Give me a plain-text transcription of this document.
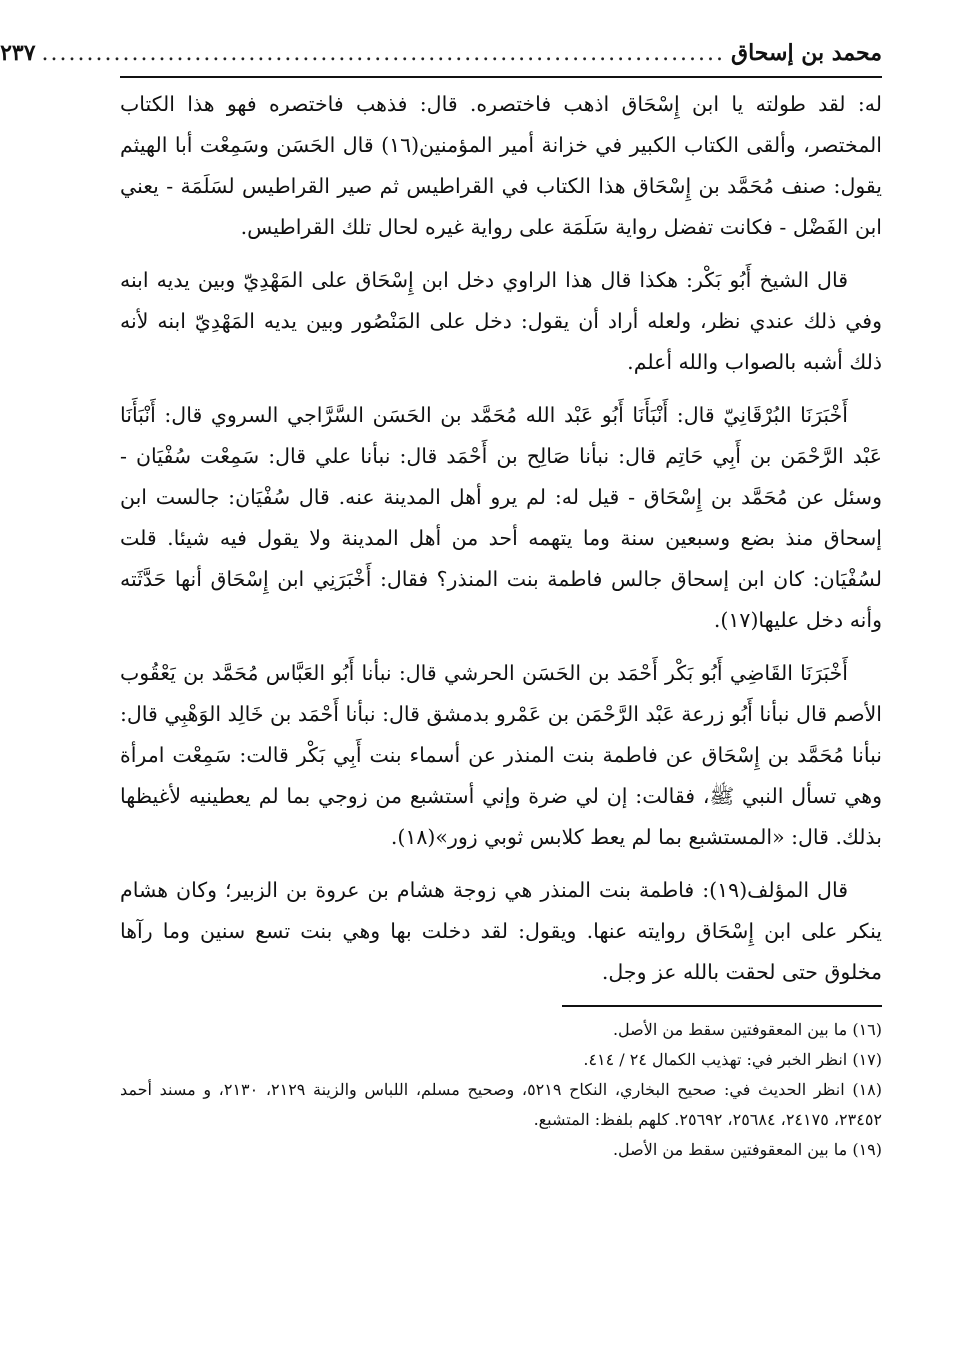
محمد بن إسحاق
............................................................................
٢٣٧

له: لقد طولته يا ابن إِسْحَاق اذهب فاختصره. قال: فذهب فاختصره فهو هذا الكتاب المختصر، وألقى الكتاب الكبير في خزانة أمير المؤمنين(١٦) قال الحَسَن وسَمِعْت أبا الهيثم يقول: صنف مُحَمَّد بن إِسْحَاق هذا الكتاب في القراطيس ثم صير القراطيس لسَلَمَة - يعني ابن الفَضْل - فكانت تفضل رواية سَلَمَة على رواية غيره لحال تلك القراطيس.

قال الشيخ أَبُو بَكْر: هكذا قال هذا الراوي دخل ابن إِسْحَاق على المَهْدِيّ وبين يديه ابنه وفي ذلك عندي نظر، ولعله أراد أن يقول: دخل على المَنْصُور وبين يديه المَهْدِيّ ابنه لأنه ذلك أشبه بالصواب والله أعلم.

أَخْبَرَنَا البُرْقَانِيّ قال: أَنْبَأَنَا أَبُو عَبْد الله مُحَمَّد بن الحَسَن السَّرَّاجي السروي قال: أَنْبَأَنَا عَبْد الرَّحْمَن بن أَبِي حَاتِم قال: نبأنا صَالِح بن أَحْمَد قال: نبأنا علي قال: سَمِعْت سُفْيَان - وسئل عن مُحَمَّد بن إِسْحَاق - قيل له: لم يرو أهل المدينة عنه. قال سُفْيَان: جالست ابن إسحاق منذ بضع وسبعين سنة وما يتهمه أحد من أهل المدينة ولا يقول فيه شيئا. قلت لسُفْيَان: كان ابن إسحاق جالس فاطمة بنت المنذر؟ فقال: أَخْبَرَنِي ابن إِسْحَاق أنها حَدَّثَته وأنه دخل عليها(١٧).

أَخْبَرَنَا القَاضِي أَبُو بَكْر أَحْمَد بن الحَسَن الحرشي قال: نبأنا أَبُو العَبَّاس مُحَمَّد بن يَعْقُوب الأصم قال نبأنا أَبُو زرعة عَبْد الرَّحْمَن بن عَمْرو بدمشق قال: نبأنا أَحْمَد بن خَالِد الوَهْبِي قال: نبأنا مُحَمَّد بن إِسْحَاق عن فاطمة بنت المنذر عن أسماء بنت أَبِي بَكْر قالت: سَمِعْت امرأة وهي تسأل النبي ﷺ، فقالت: إن لي ضرة وإني أستشبع من زوجي بما لم يعطينيه لأغيظها بذلك. قال: «المستشبع بما لم يعط كلابس ثوبي زور»(١٨).

قال المؤلف(١٩): فاطمة بنت المنذر هي زوجة هشام بن عروة بن الزبير؛ وكان هشام ينكر على ابن إِسْحَاق روايته عنها. ويقول: لقد دخلت بها وهي بنت تسع سنين وما رآها مخلوق حتى لحقت بالله عز وجل.

(١٦) ما بين المعقوفتين سقط من الأصل.

(١٧) انظر الخبر في: تهذيب الكمال ٢٤ / ٤١٤.

(١٨) انظر الحديث في: صحيح البخاري، النكاح ٥٢١٩، وصحيح مسلم، اللباس والزينة ٢١٢٩، ٢١٣٠، و مسند أحمد ٢٣٤٥٢، ٢٤١٧٥، ٢٥٦٨٤، ٢٥٦٩٢. كلهم بلفظ: المتشبع.

(١٩) ما بين المعقوفتين سقط من الأصل.
